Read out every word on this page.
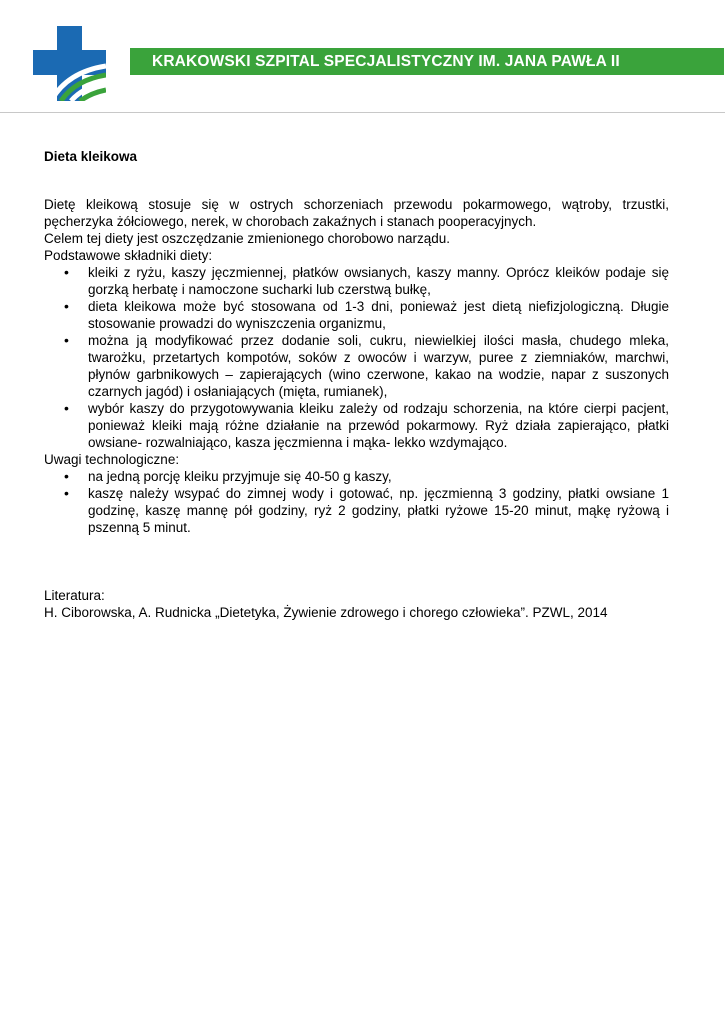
KRAKOWSKI SZPITAL SPECJALISTYCZNY IM. JANA PAWŁA II
Dieta kleikowa

Dietę kleikową stosuje się w ostrych schorzeniach przewodu pokarmowego, wątroby, trzustki, pęcherzyka żółciowego, nerek, w chorobach zakaźnych i stanach pooperacyjnych.

Celem tej diety jest oszczędzanie zmienionego chorobowo narządu.

Podstawowe składniki diety:

• kleiki z ryżu, kaszy jęczmiennej, płatków owsianych, kaszy manny. Oprócz kleików podaje się gorzką herbatę i namoczone sucharki lub czerstwą bułkę,
• dieta kleikowa może być stosowana od 1-3 dni, ponieważ jest dietą niefizjologiczną. Długie stosowanie prowadzi do wyniszczenia organizmu,
• można ją modyfikować przez dodanie soli, cukru, niewielkiej ilości masła, chudego mleka, twarożku, przetartych kompotów, soków z owoców i warzyw, puree z ziemniaków, marchwi, płynów garbnikowych – zapierających (wino czerwone, kakao na wodzie, napar z suszonych czarnych jagód) i osłaniających (mięta, rumianek),
• wybór kaszy do przygotowywania kleiku zależy od rodzaju schorzenia, na które cierpi pacjent, ponieważ kleiki mają różne działanie na przewód pokarmowy. Ryż działa zapierająco, płatki owsiane- rozwalniająco, kasza jęczmienna i mąka- lekko wzdymająco.

Uwagi technologiczne:

• na jedną porcję kleiku przyjmuje się 40-50 g kaszy,
• kaszę należy wsypać do zimnej wody i gotować, np. jęczmienną 3 godziny, płatki owsiane 1 godzinę, kaszę mannę pół godziny, ryż 2 godziny, płatki ryżowe 15-20 minut, mąkę ryżową i pszenną 5 minut.

Literatura:

H. Ciborowska, A. Rudnicka „Dietetyka, Żywienie zdrowego i chorego człowieka”. PZWL, 2014
